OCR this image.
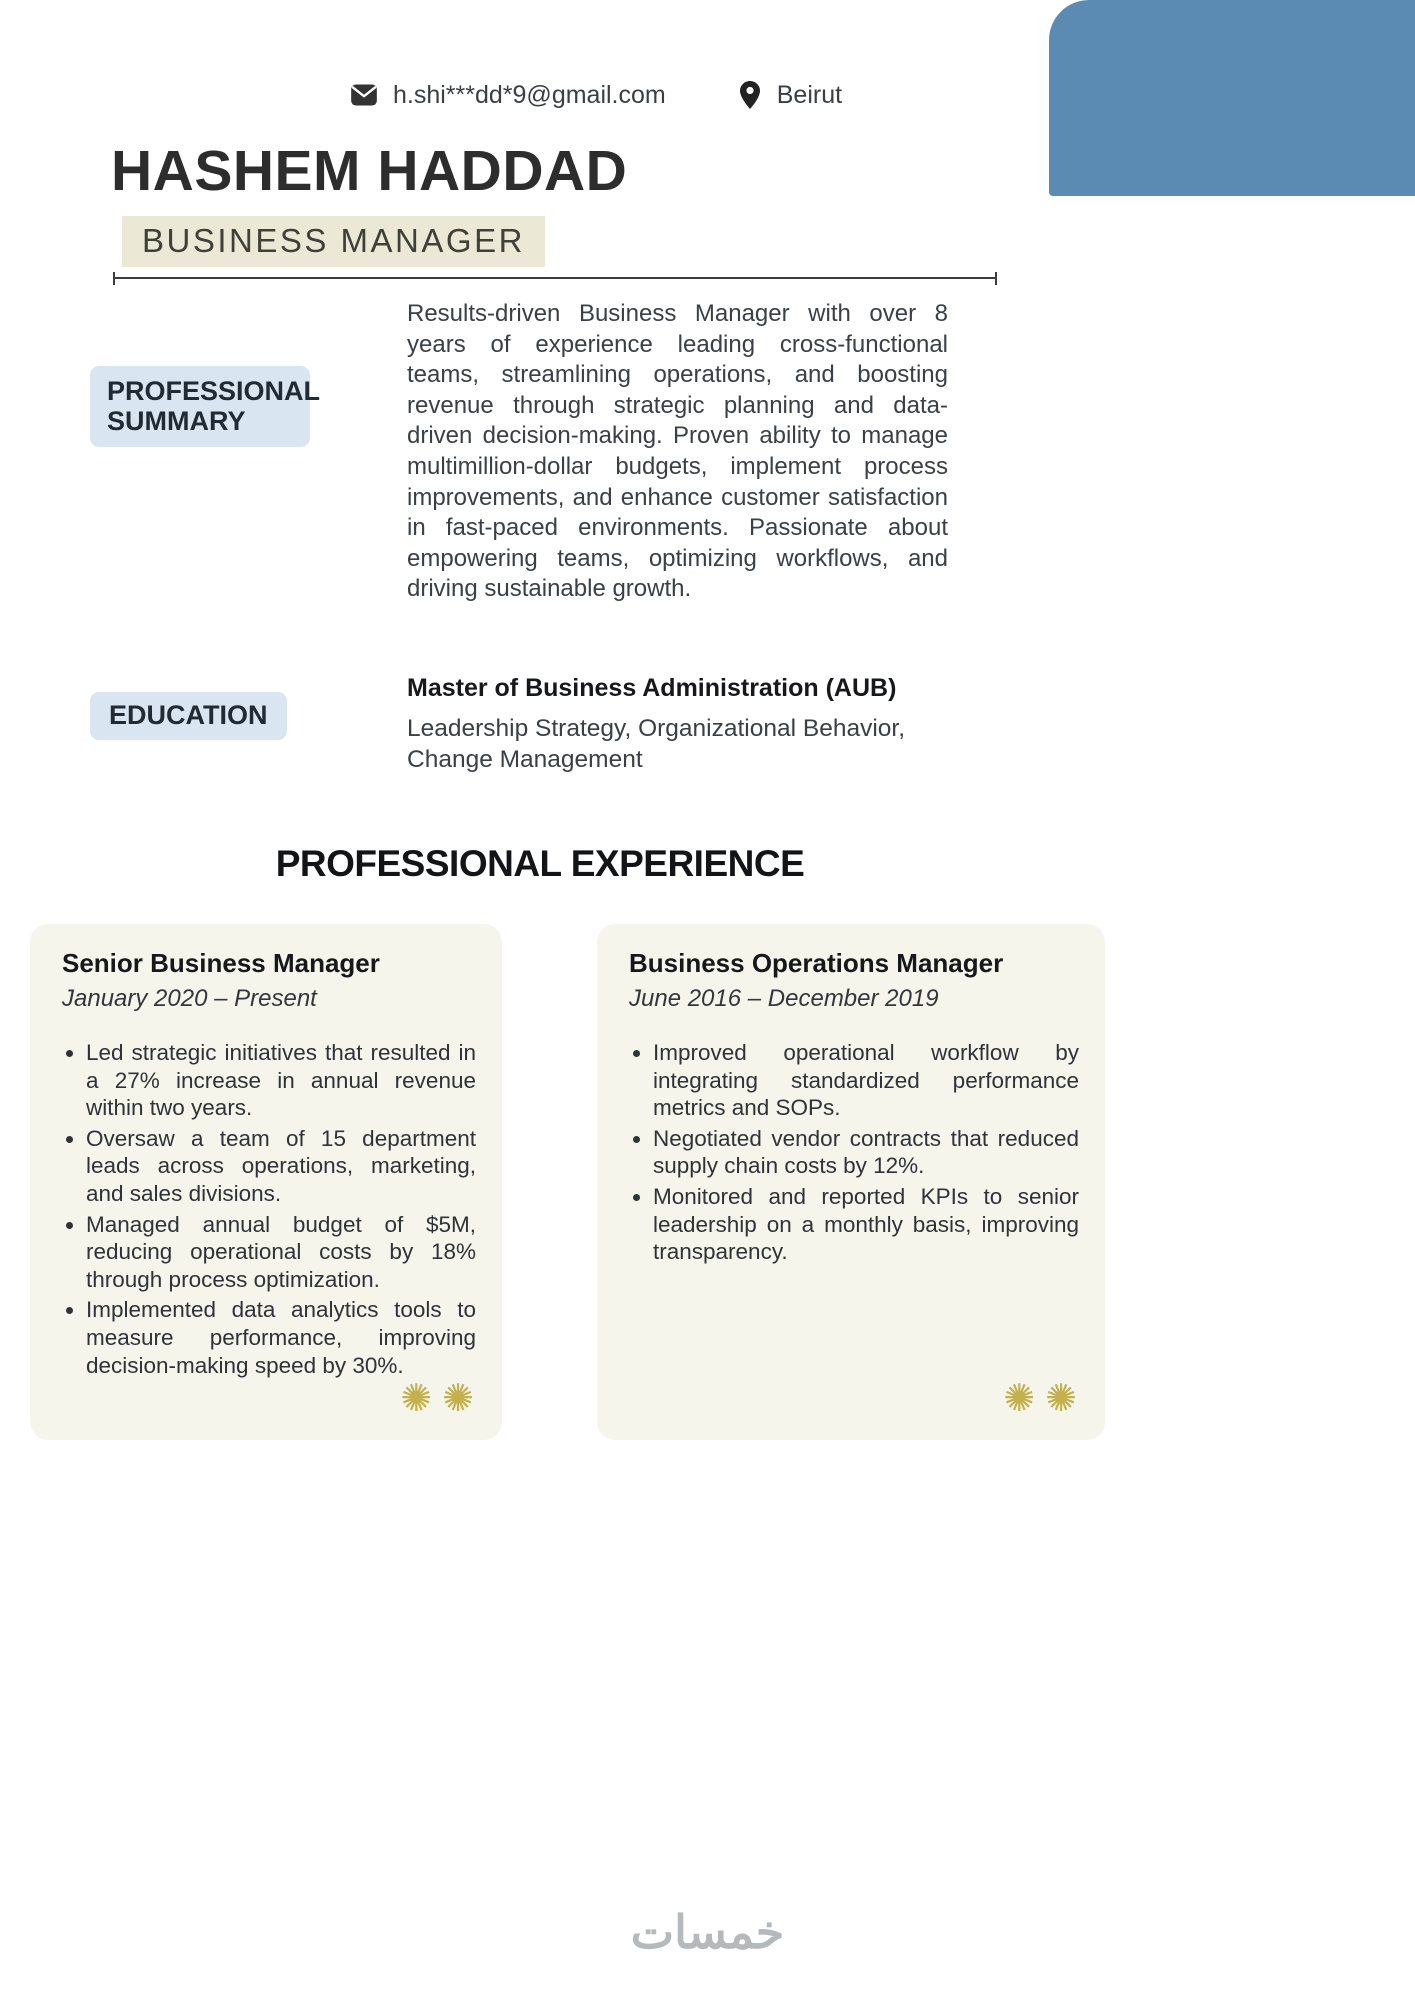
h.shi***dd*9@gmail.com	Beirut
HASHEM HADDAD
BUSINESS MANAGER
PROFESSIONAL SUMMARY

Results-driven Business Manager with over 8 years of experience leading cross-functional teams, streamlining operations, and boosting revenue through strategic planning and data-driven decision-making. Proven ability to manage multimillion-dollar budgets, implement process improvements, and enhance customer satisfaction in fast-paced environments. Passionate about empowering teams, optimizing workflows, and driving sustainable growth.

EDUCATION
Master of Business Administration (AUB)
Leadership Strategy, Organizational Behavior, Change Management
PROFESSIONAL EXPERIENCE
Senior Business Manager
January 2020 – Present
• Led strategic initiatives that resulted in a 27% increase in annual revenue within two years.
• Oversaw a team of 15 department leads across operations, marketing, and sales divisions.
• Managed annual budget of $5M, reducing operational costs by 18% through process optimization.
• Implemented data analytics tools to measure performance, improving decision-making speed by 30%.
✺ ✺
Business Operations Manager
June 2016 – December 2019
• Improved operational workflow by integrating standardized performance metrics and SOPs.
• Negotiated vendor contracts that reduced supply chain costs by 12%.
• Monitored and reported KPIs to senior leadership on a monthly basis, improving transparency.
✺ ✺
خمسات
